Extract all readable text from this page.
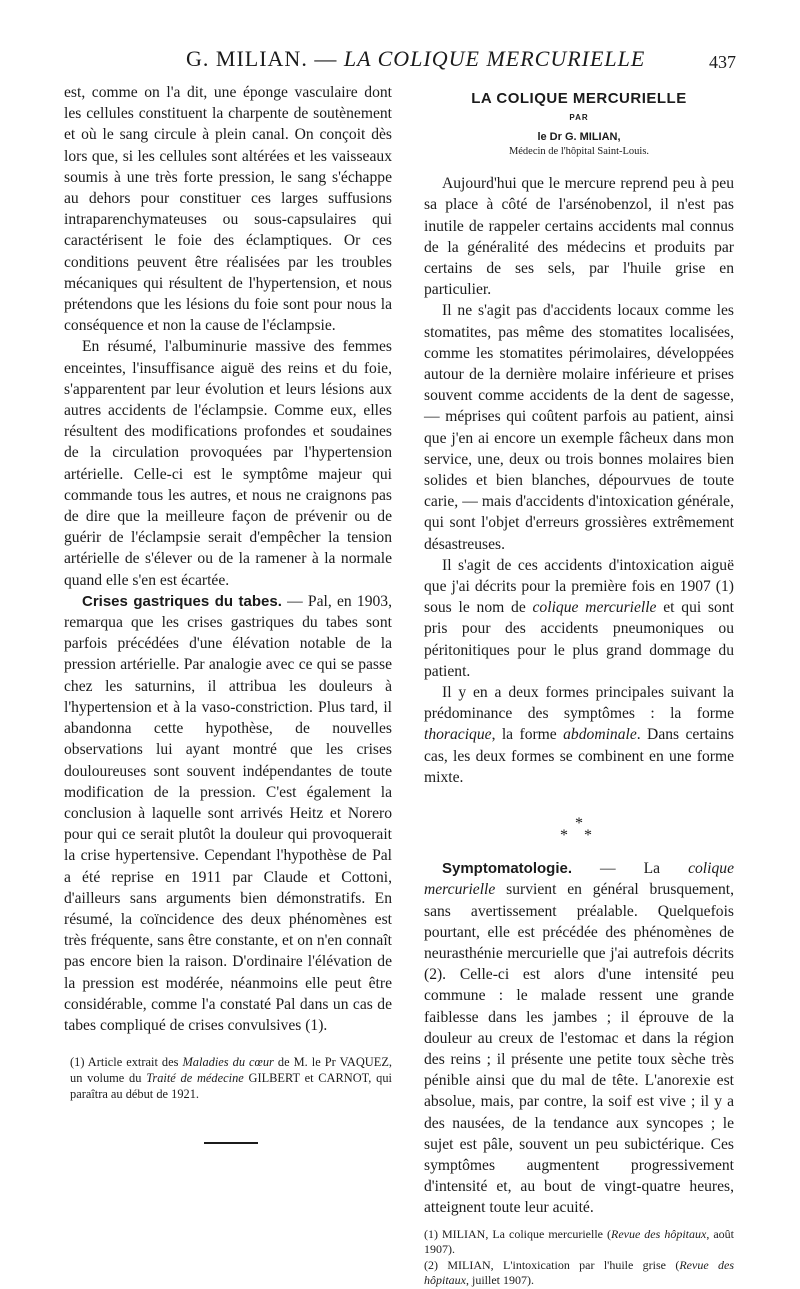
G. MILIAN. — LA COLIQUE MERCURIELLE	437

est, comme on l'a dit, une éponge vasculaire dont les cellules constituent la charpente de soutènement et où le sang circule à plein canal. On conçoit dès lors que, si les cellules sont altérées et les vaisseaux soumis à une très forte pression, le sang s'échappe au dehors pour constituer ces larges suffusions intraparenchymateuses ou sous-capsulaires qui caractérisent le foie des éclamptiques. Or ces conditions peuvent être réalisées par les troubles mécaniques qui résultent de l'hypertension, et nous prétendons que les lésions du foie sont pour nous la conséquence et non la cause de l'éclampsie.

En résumé, l'albuminurie massive des femmes enceintes, l'insuffisance aiguë des reins et du foie, s'apparentent par leur évolution et leurs lésions aux autres accidents de l'éclampsie. Comme eux, elles résultent des modifications profondes et soudaines de la circulation provoquées par l'hypertension artérielle. Celle-ci est le symptôme majeur qui commande tous les autres, et nous ne craignons pas de dire que la meilleure façon de prévenir ou de guérir de l'éclampsie serait d'empêcher la tension artérielle de s'élever ou de la ramener à la normale quand elle s'en est écartée.

Crises gastriques du tabes. — Pal, en 1903, remarqua que les crises gastriques du tabes sont parfois précédées d'une élévation notable de la pression artérielle. Par analogie avec ce qui se passe chez les saturnins, il attribua les douleurs à l'hypertension et à la vaso-constriction. Plus tard, il abandonna cette hypothèse, de nouvelles observations lui ayant montré que les crises douloureuses sont souvent indépendantes de toute modification de la pression. C'est également la conclusion à laquelle sont arrivés Heitz et Norero pour qui ce serait plutôt la douleur qui provoquerait la crise hypertensive. Cependant l'hypothèse de Pal a été reprise en 1911 par Claude et Cottoni, d'ailleurs sans arguments bien démonstratifs. En résumé, la coïncidence des deux phénomènes est très fréquente, sans être constante, et on n'en connaît pas encore bien la raison. D'ordinaire l'élévation de la pression est modérée, néanmoins elle peut être considérable, comme l'a constaté Pal dans un cas de tabes compliqué de crises convulsives (1).

(1) Article extrait des Maladies du cœur de M. le Pr VAQUEZ, un volume du Traité de médecine GILBERT et CARNOT, qui paraîtra au début de 1921.
LA COLIQUE MERCURIELLE
PAR
le Dr G. MILIAN,
Médecin de l'hôpital Saint-Louis.

Aujourd'hui que le mercure reprend peu à peu sa place à côté de l'arsénobenzol, il n'est pas inutile de rappeler certains accidents mal connus de la généralité des médecins et produits par certains de ses sels, par l'huile grise en particulier.

Il ne s'agit pas d'accidents locaux comme les stomatites, pas même des stomatites localisées, comme les stomatites périmolaires, développées autour de la dernière molaire inférieure et prises souvent comme accidents de la dent de sagesse, — méprises qui coûtent parfois au patient, ainsi que j'en ai encore un exemple fâcheux dans mon service, une, deux ou trois bonnes molaires bien solides et bien blanches, dépourvues de toute carie, — mais d'accidents d'intoxication générale, qui sont l'objet d'erreurs grossières extrêmement désastreuses.

Il s'agit de ces accidents d'intoxication aiguë que j'ai décrits pour la première fois en 1907 (1) sous le nom de colique mercurielle et qui sont pris pour des accidents pneumoniques ou péritonitiques pour le plus grand dommage du patient.

Il y en a deux formes principales suivant la prédominance des symptômes : la forme thoracique, la forme abdominale. Dans certains cas, les deux formes se combinent en une forme mixte.

*
* *

Symptomatologie. — La colique mercurielle survient en général brusquement, sans avertissement préalable. Quelquefois pourtant, elle est précédée des phénomènes de neurasthénie mercurielle que j'ai autrefois décrits (2). Celle-ci est alors d'une intensité peu commune : le malade ressent une grande faiblesse dans les jambes ; il éprouve de la douleur au creux de l'estomac et dans la région des reins ; il présente une petite toux sèche très pénible ainsi que du mal de tête. L'anorexie est absolue, mais, par contre, la soif est vive ; il y a des nausées, de la tendance aux syncopes ; le sujet est pâle, souvent un peu subictérique. Ces symptômes augmentent progressivement d'intensité et, au bout de vingt-quatre heures, atteignent toute leur acuité.

(1) MILIAN, La colique mercurielle (Revue des hôpitaux, août 1907).

(2) MILIAN, L'intoxication par l'huile grise (Revue des hôpitaux, juillet 1907).
